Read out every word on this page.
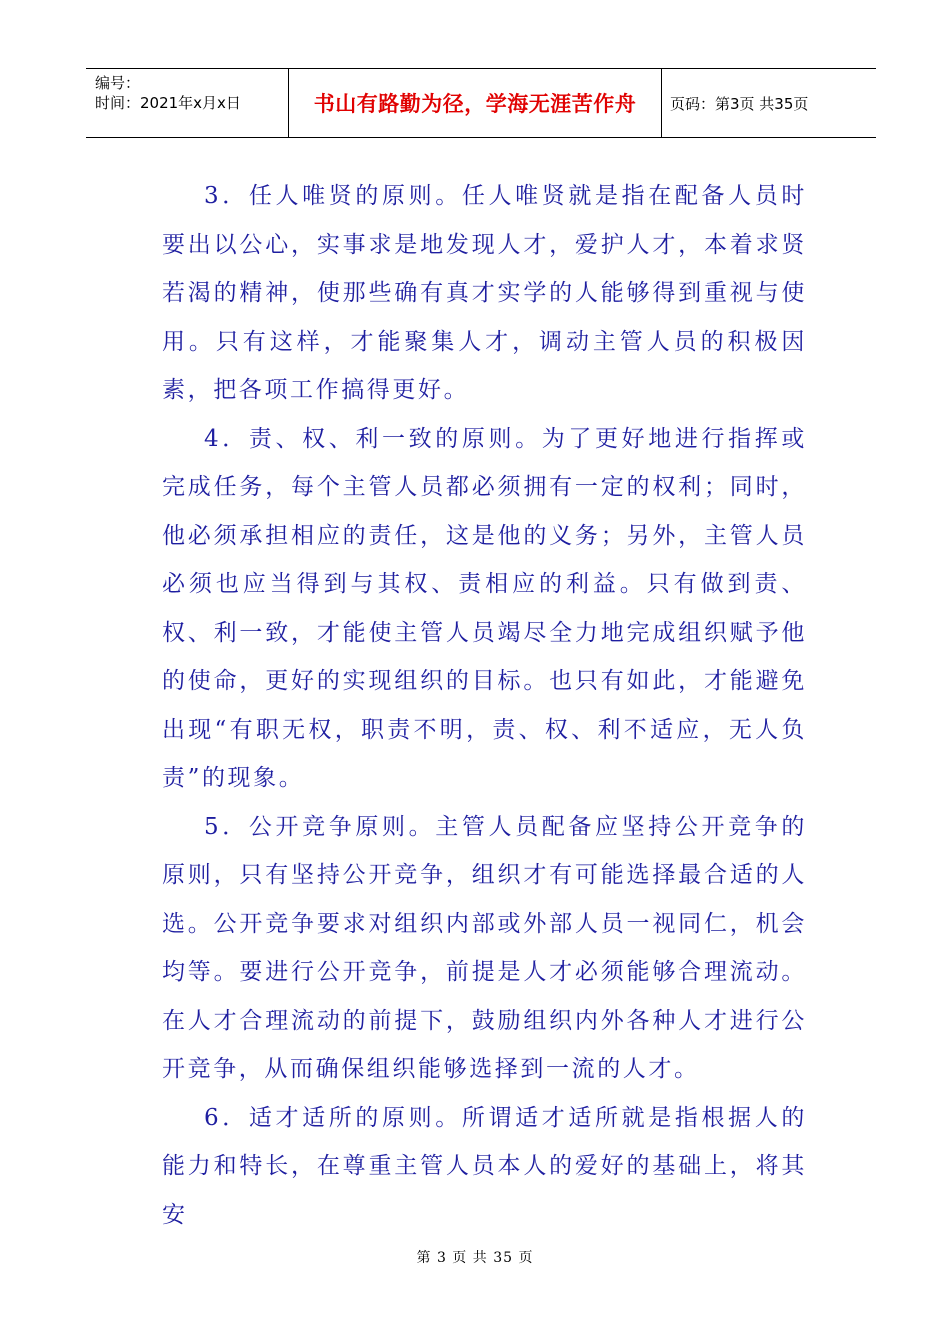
编号：
时间：2021年x月x日	书山有路勤为径，学海无涯苦作舟	页码：第3页 共35页

3．任人唯贤的原则。任人唯贤就是指在配备人员时要出以公心，实事求是地发现人才，爱护人才，本着求贤若渴的精神，使那些确有真才实学的人能够得到重视与使用。只有这样，才能聚集人才，调动主管人员的积极因素，把各项工作搞得更好。

4．责、权、利一致的原则。为了更好地进行指挥或完成任务，每个主管人员都必须拥有一定的权利；同时，他必须承担相应的责任，这是他的义务；另外，主管人员必须也应当得到与其权、责相应的利益。只有做到责、权、利一致，才能使主管人员竭尽全力地完成组织赋予他的使命，更好的实现组织的目标。也只有如此，才能避免出现“有职无权，职责不明，责、权、利不适应，无人负责”的现象。

5．公开竞争原则。主管人员配备应坚持公开竞争的原则，只有坚持公开竞争，组织才有可能选择最合适的人选。公开竞争要求对组织内部或外部人员一视同仁，机会均等。要进行公开竞争，前提是人才必须能够合理流动。在人才合理流动的前提下，鼓励组织内外各种人才进行公开竞争，从而确保组织能够选择到一流的人才。

6．适才适所的原则。所谓适才适所就是指根据人的能力和特长，在尊重主管人员本人的爱好的基础上，将其安

第 3 页 共 35 页
